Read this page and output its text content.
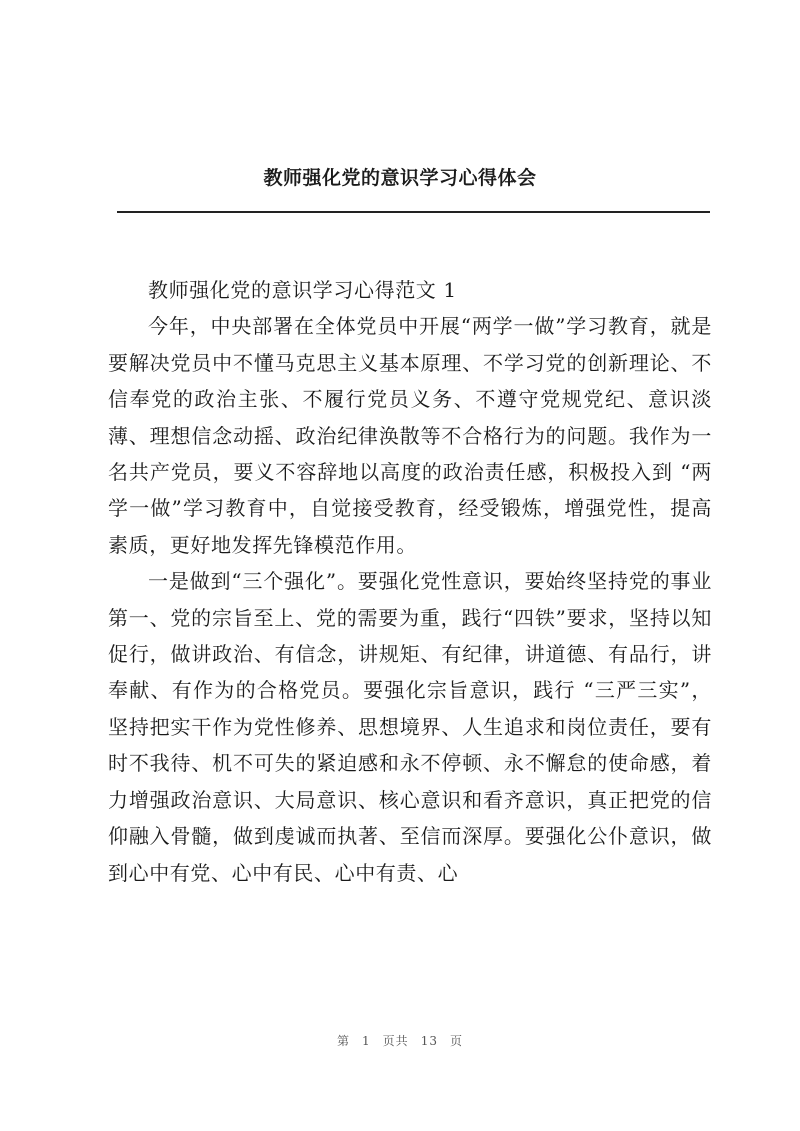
教师强化党的意识学习心得体会

教师强化党的意识学习心得范文 1

今年，中央部署在全体党员中开展“两学一做”学习教育，就是要解决党员中不懂马克思主义基本原理、不学习党的创新理论、不信奉党的政治主张、不履行党员义务、不遵守党规党纪、意识淡薄、理想信念动摇、政治纪律涣散等不合格行为的问题。我作为一名共产党员，要义不容辞地以高度的政治责任感，积极投入到 “两学一做”学习教育中，自觉接受教育，经受锻炼，增强党性，提高素质，更好地发挥先锋模范作用。

一是做到“三个强化”。要强化党性意识，要始终坚持党的事业第一、党的宗旨至上、党的需要为重，践行“四铁”要求，坚持以知促行，做讲政治、有信念，讲规矩、有纪律，讲道德、有品行，讲奉献、有作为的合格党员。要强化宗旨意识，践行 “三严三实”，坚持把实干作为党性修养、思想境界、人生追求和岗位责任，要有时不我待、机不可失的紧迫感和永不停顿、永不懈怠的使命感，着力增强政治意识、大局意识、核心意识和看齐意识，真正把党的信仰融入骨髓，做到虔诚而执著、至信而深厚。要强化公仆意识，做到心中有党、心中有民、心中有责、心

第 1 页共 13 页
